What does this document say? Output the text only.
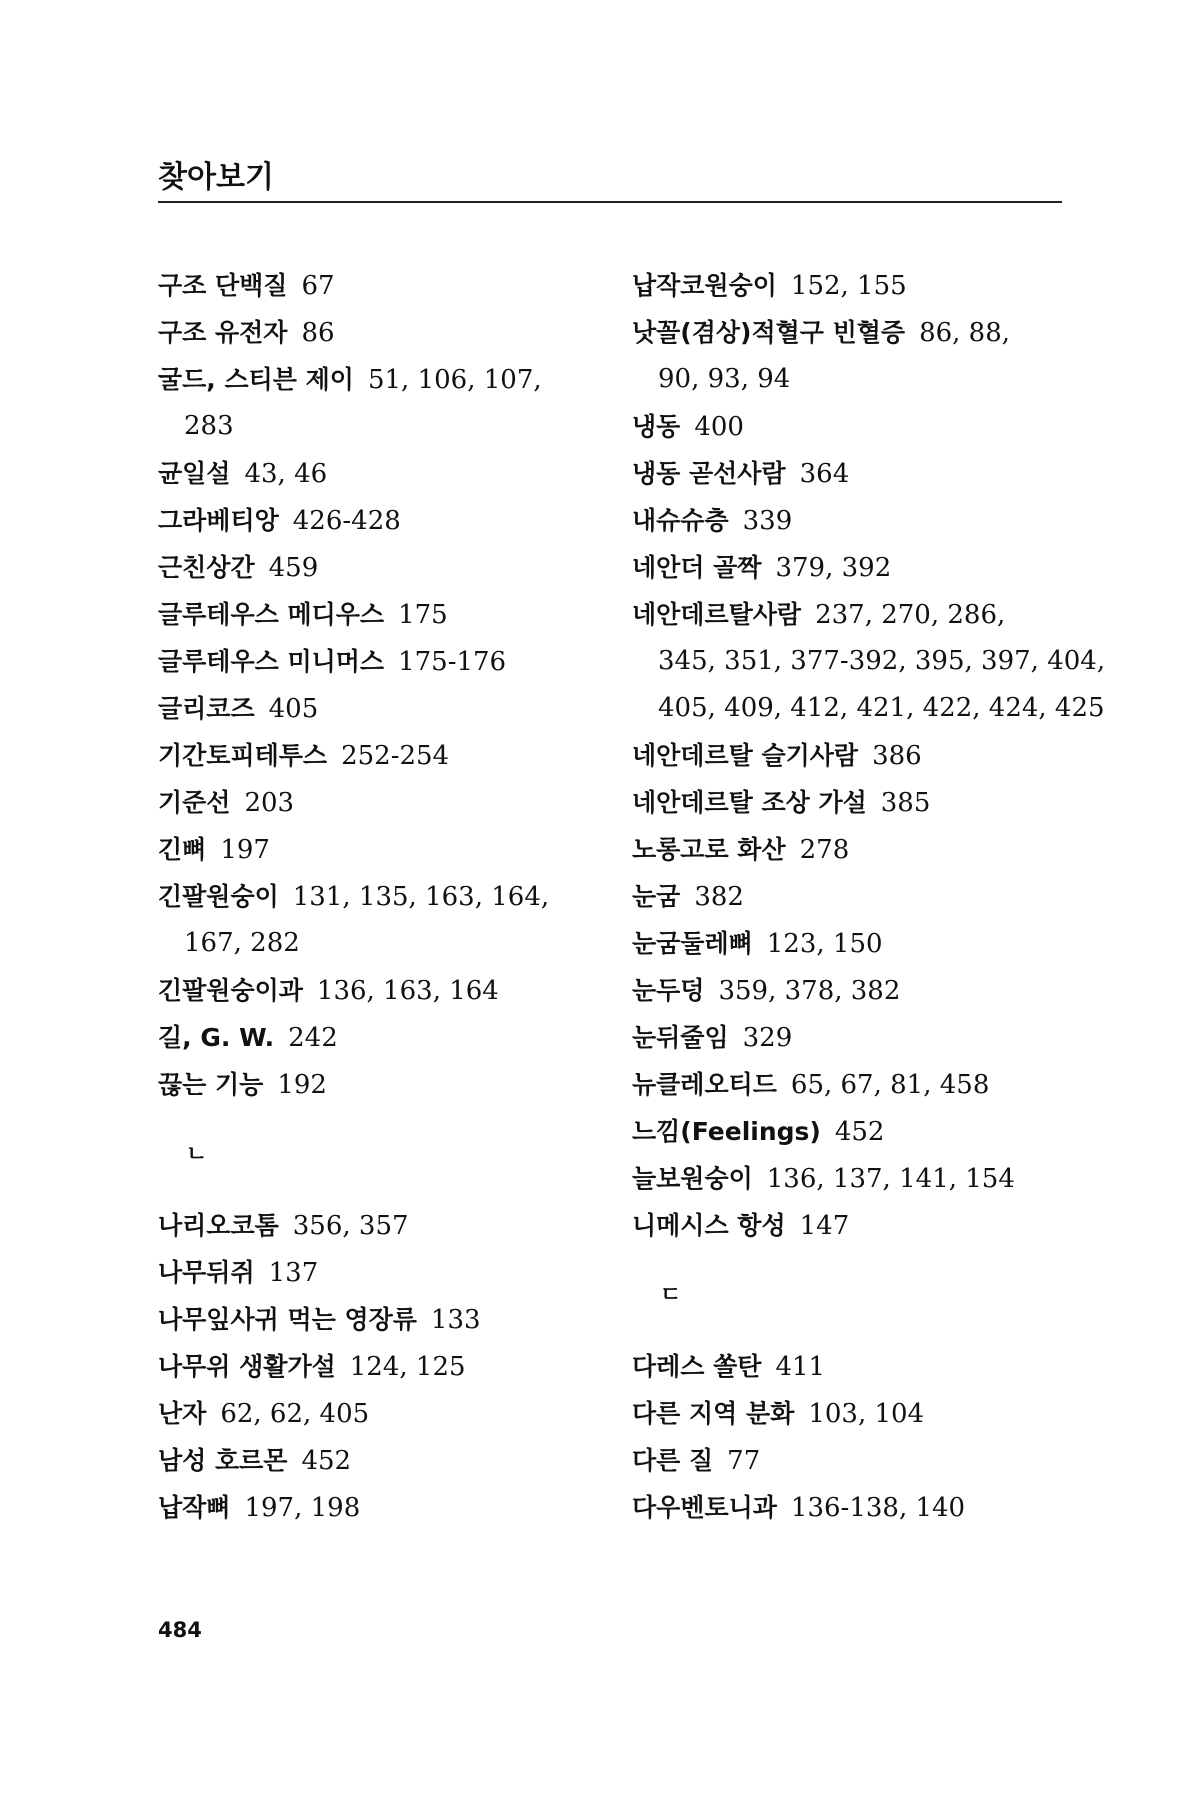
찾아보기
구조 단백질 67
구조 유전자 86
굴드, 스티븐 제이 51, 106, 107,
283
균일설 43, 46
그라베티앙 426-428
근친상간 459
글루테우스 메디우스 175
글루테우스 미니머스 175-176
글리코즈 405
기간토피테투스 252-254
기준선 203
긴뼈 197
긴팔원숭이 131, 135, 163, 164,
167, 282
긴팔원숭이과 136, 163, 164
길, G. W. 242
끊는 기능 192
ㄴ
나리오코톰 356, 357
나무뒤쥐 137
나무잎사귀 먹는 영장류 133
나무위 생활가설 124, 125
난자 62, 62, 405
남성 호르몬 452
납작뼈 197, 198
납작코원숭이 152, 155
낫꼴(겸상)적혈구 빈혈증 86, 88,
90, 93, 94
냉동 400
냉동 곧선사람 364
내슈슈층 339
네안더 골짝 379, 392
네안데르탈사람 237, 270, 286,
345, 351, 377-392, 395, 397, 404,
405, 409, 412, 421, 422, 424, 425
네안데르탈 슬기사람 386
네안데르탈 조상 가설 385
노롱고로 화산 278
눈굼 382
눈굼둘레뼈 123, 150
눈두덩 359, 378, 382
눈뒤줄임 329
뉴클레오티드 65, 67, 81, 458
느낌(Feelings) 452
늘보원숭이 136, 137, 141, 154
니메시스 항성 147
ㄷ
다레스 쏠탄 411
다른 지역 분화 103, 104
다른 질 77
다우벤토니과 136-138, 140
484
